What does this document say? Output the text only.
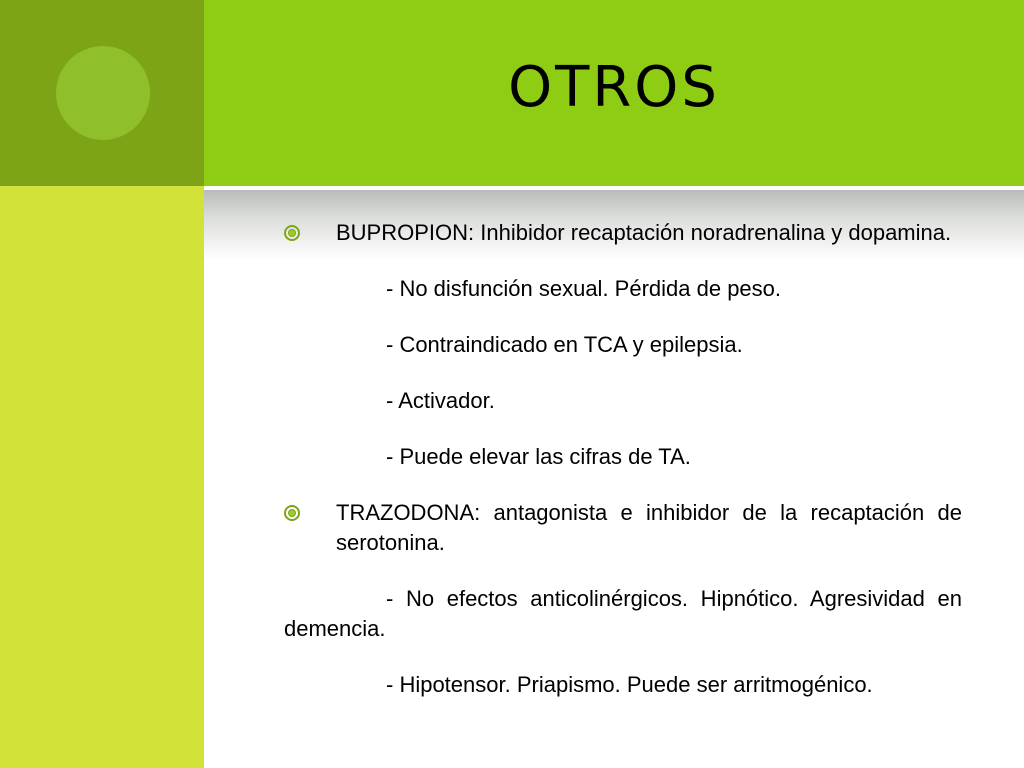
OTROS

BUPROPION: Inhibidor recaptación noradrenalina y dopamina.

- No disfunción sexual. Pérdida de peso.

- Contraindicado en TCA y epilepsia.

- Activador.

- Puede elevar las cifras de TA.

TRAZODONA: antagonista e inhibidor de la recaptación de serotonina.

- No efectos anticolinérgicos. Hipnótico. Agresividad en demencia.

- Hipotensor. Priapismo. Puede ser arritmogénico.
